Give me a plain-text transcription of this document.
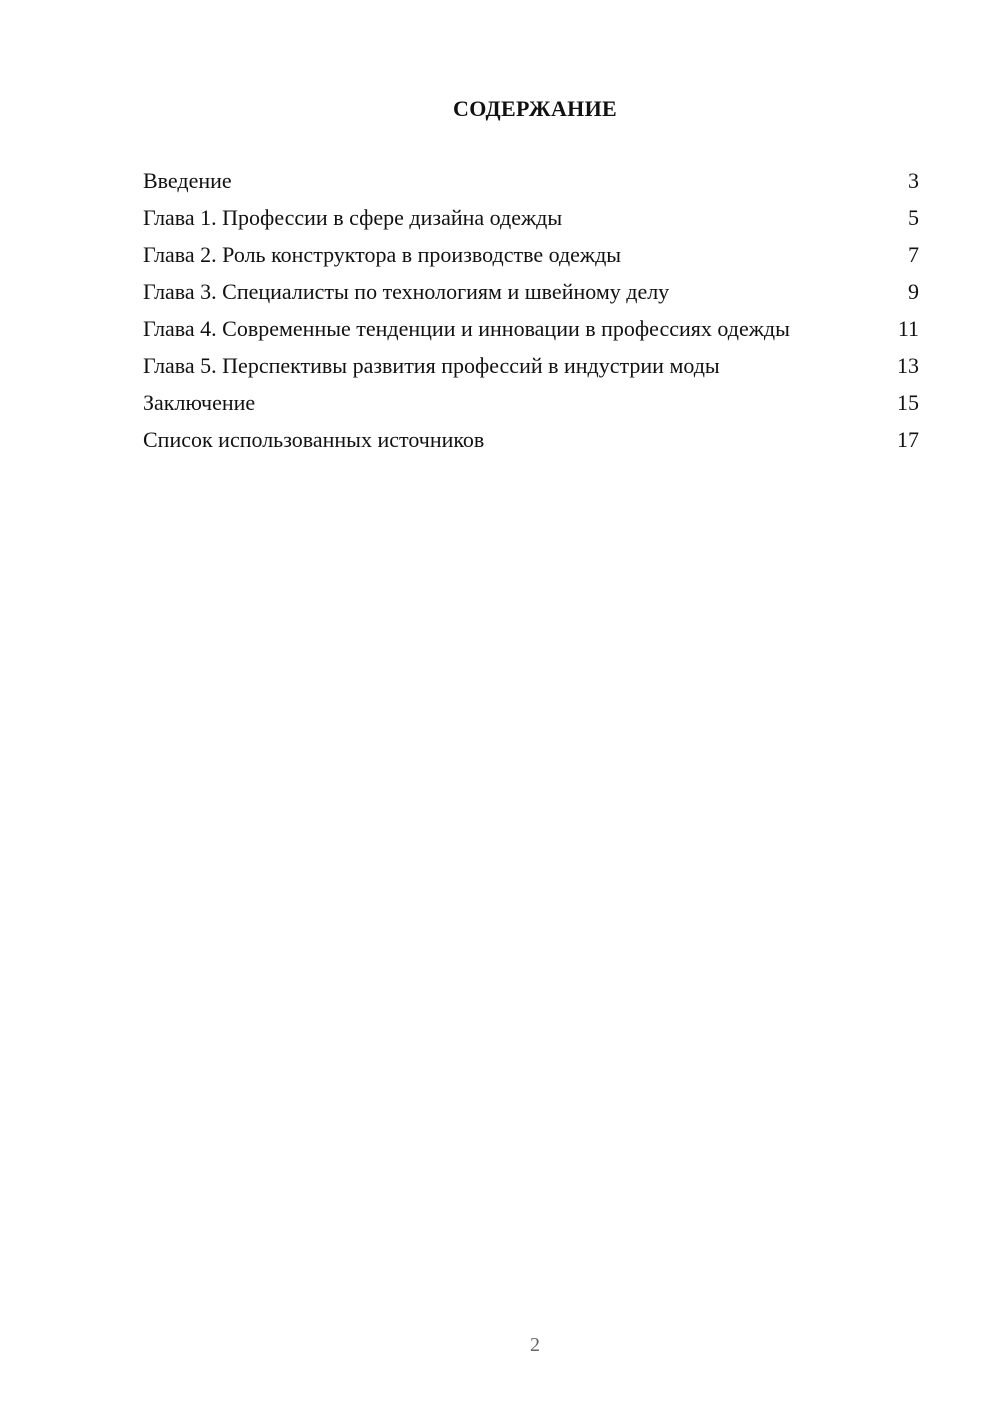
СОДЕРЖАНИЕ
Введение	3
Глава 1. Профессии в сфере дизайна одежды	5
Глава 2. Роль конструктора в производстве одежды	7
Глава 3. Специалисты по технологиям и швейному делу	9
Глава 4. Современные тенденции и инновации в профессиях одежды	11
Глава 5. Перспективы развития профессий в индустрии моды	13
Заключение	15
Список использованных источников	17
2
